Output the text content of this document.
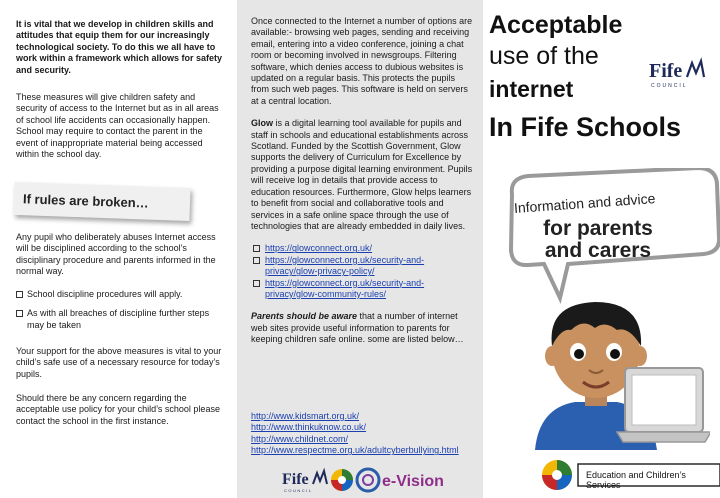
It is vital that we develop in children skills and attitudes that equip them for our increasingly technological society. To do this we all have to work within a framework which allows for safety and security.

These measures will give children safety and security of access to the Internet but as in all areas of school life accidents can occasionally happen. School may require to contact the parent in the event of inappropriate material being accessed within the school day.

If rules are broken…

Any pupil who deliberately abuses Internet access will be disciplined according to the school’s disciplinary procedure and parents informed in the normal way.

School discipline procedures will apply.
As with all breaches of discipline further steps may be taken

Your support for the above measures is vital to your child’s safe use of a necessary resource for today’s pupils.

Should there be any concern regarding the acceptable use policy for your child’s school please contact the school in the first instance.

Once connected to the Internet a number of options are available:- browsing web pages, sending and receiving email, entering into a video conference, joining a chat room or becoming involved in newsgroups. Filtering software, which denies access to dubious websites is updated on a regular basis. This protects the pupils from such web pages. This software is held on servers at a central location.

Glow is a digital learning tool available for pupils and staff in schools and educational establishments across Scotland. Funded by the Scottish Government, Glow supports the delivery of Curriculum for Excellence by providing a purpose digital learning environment. Pupils will receive log in details that provide access to education resources. Furthermore, Glow helps learners to benefit from social and collaborative tools and services in a safe online space through the use of technologies that are already embedded in daily lives.

https://glowconnect.org.uk/
https://glowconnect.org.uk/security-and-privacy/glow-privacy-policy/
https://glowconnect.org.uk/security-and-privacy/glow-community-rules/

Parents should be aware that a number of internet web sites provide useful information to parents for keeping children safe online. some are listed below…

http://www.kidsmart.org.uk/
http://www.thinkuknow.co.uk/
http://www.childnet.com/
http://www.respectme.org.uk/adultcyberbullying.html
Fife
COUNCIL
e-Vision
Acceptable
use of the
internet
In Fife Schools
Fife
COUNCIL
Information and advice
for parents
and carers
Education and Children’s Services
